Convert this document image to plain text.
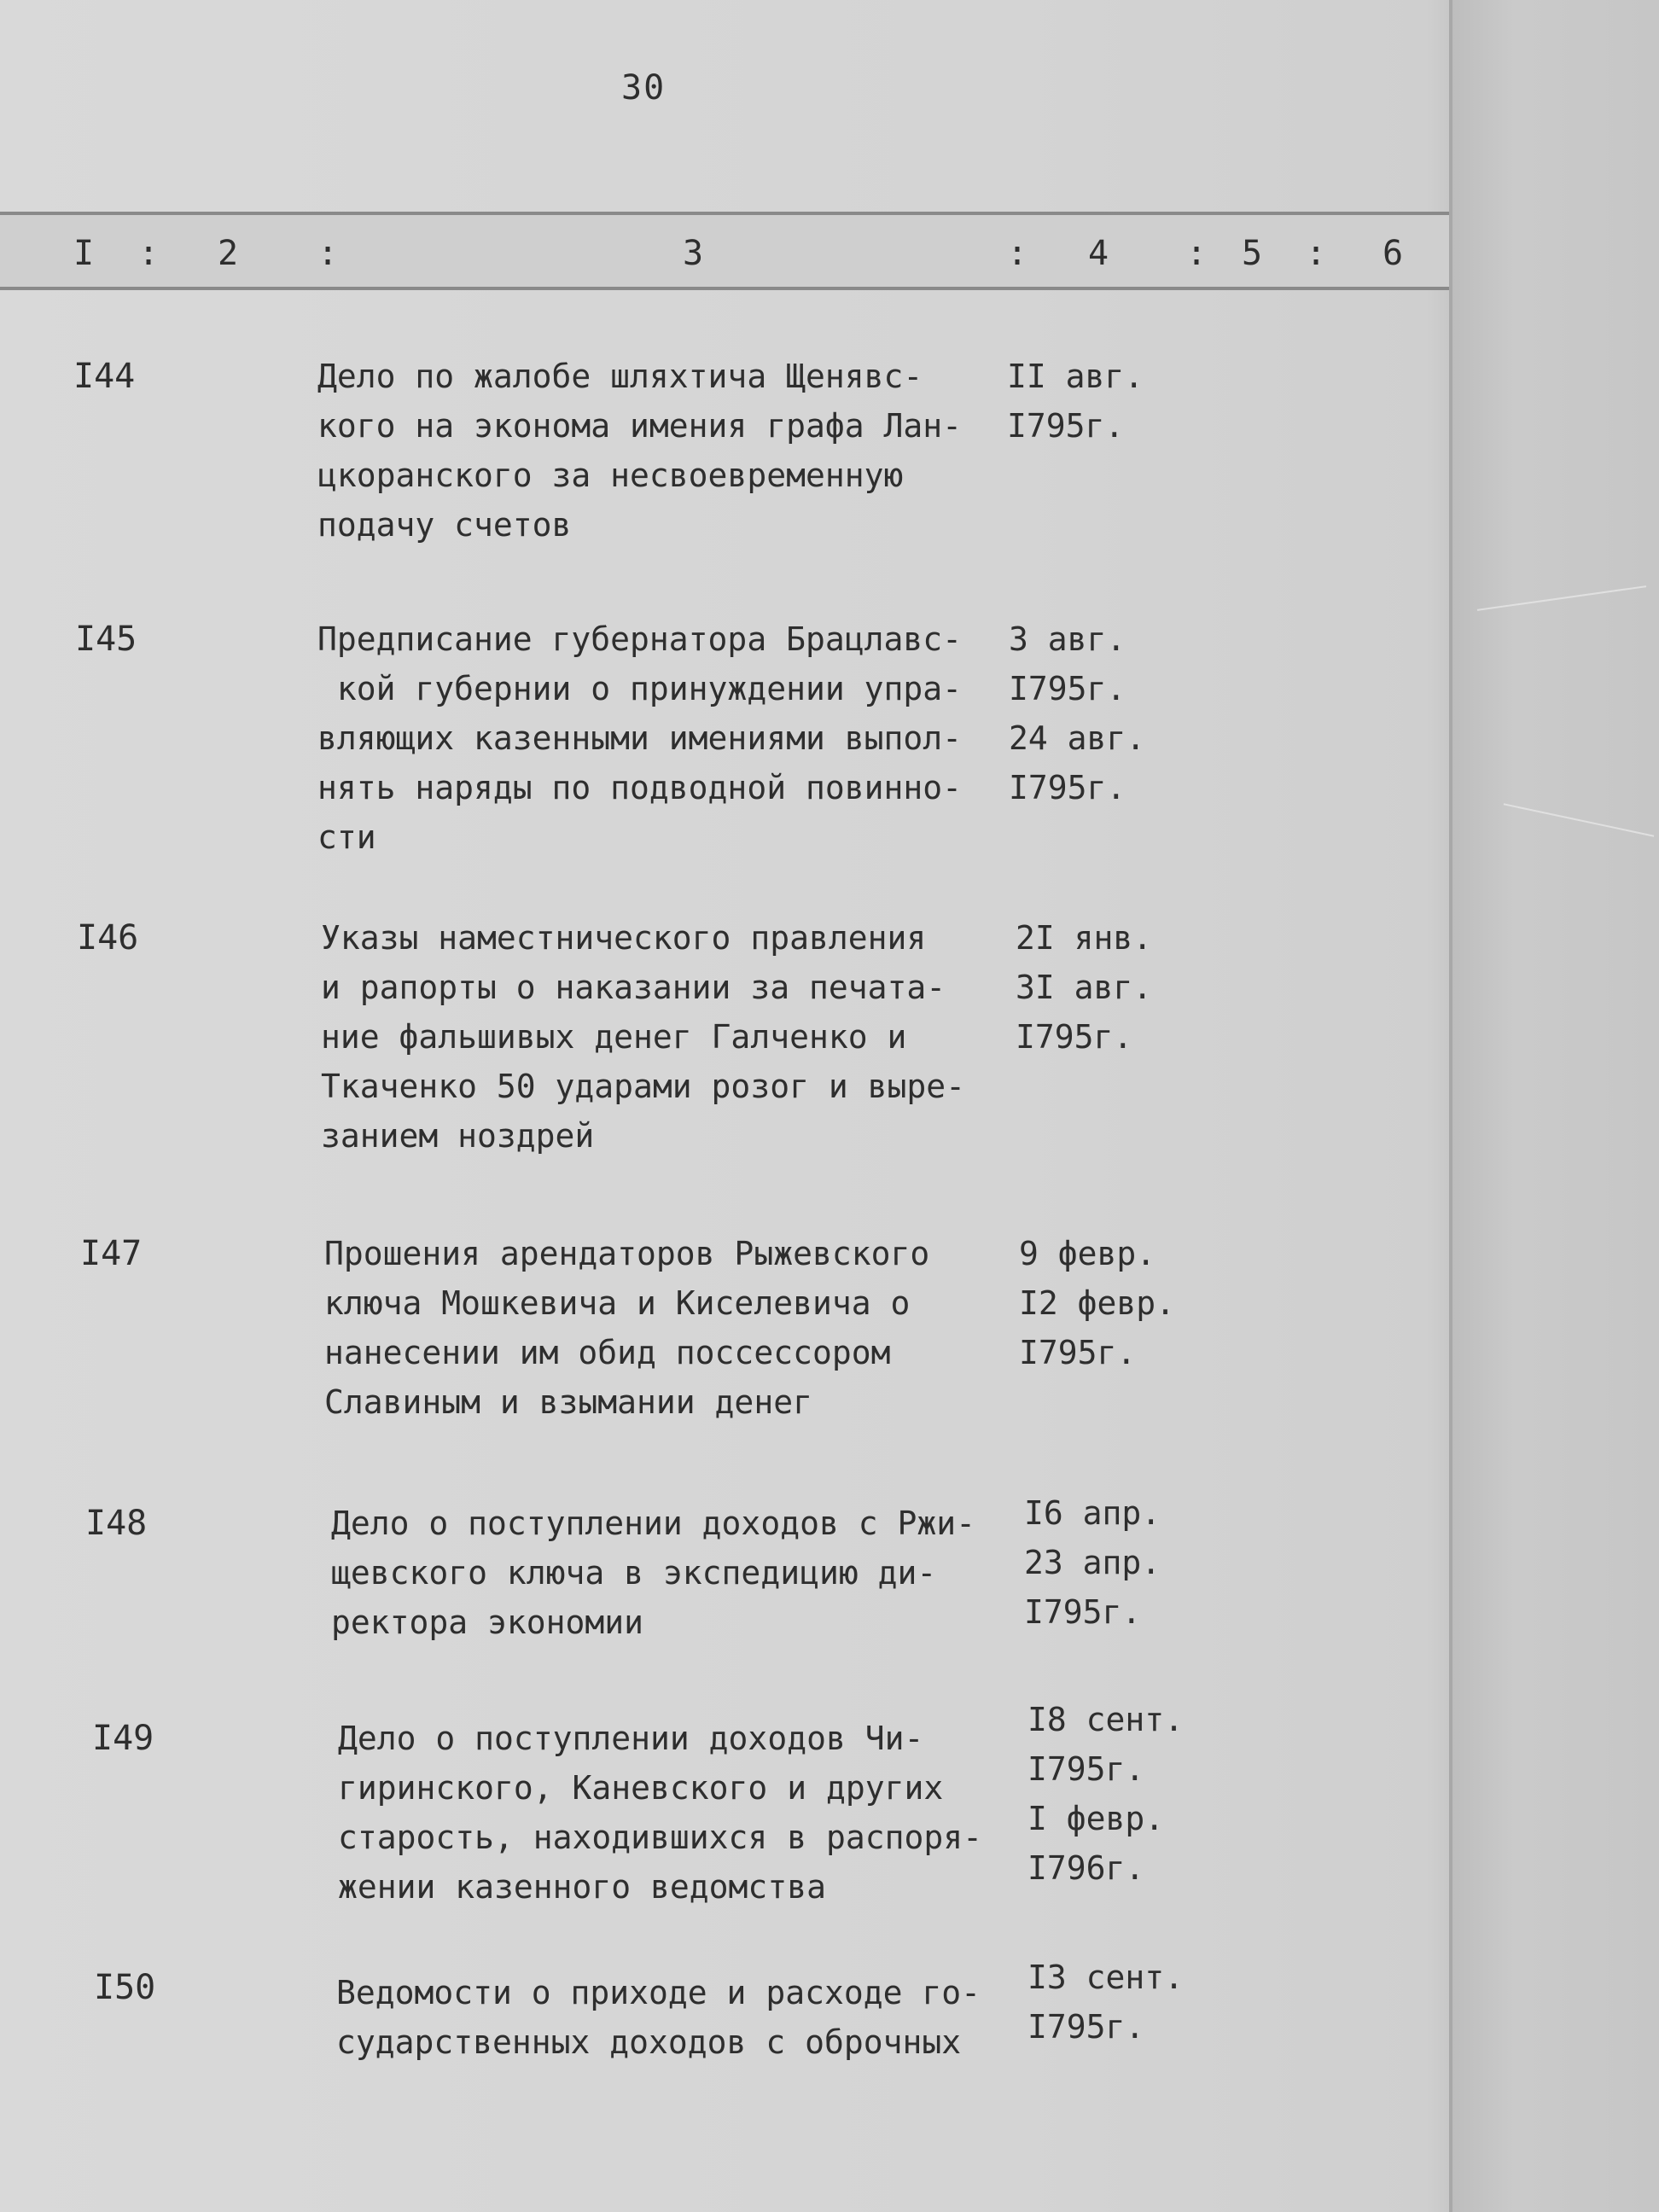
30
I : 2 :	3	: 4 : 5 : 6
I44	Дело по жалобе шляхтича Щенявс-
кого на эконома имения графа Лан-
цкоранского за несвоевременную
подачу счетов
II авг.
I795г.
I45	Предписание губернатора Брацлавс-
кой губернии о принуждении упра-
вляющих казенными имениями выпол-
нять наряды по подводной повинно-
сти
3 авг.
I795г.
24 авг.
I795г.
I46	Указы наместнического правления
и рапорты о наказании за печата-
ние фальшивых денег Галченко и
Ткаченко 50 ударами розог и выре-
занием ноздрей
2I янв.
3I авг.
I795г.
I47	Прошения арендаторов Рыжевского
ключа Мошкевича и Киселевича о
нанесении им обид поссессором
Славиным и взымании денег
9 февр.
I2 февр.
I795г.
I48	Дело о поступлении доходов с Ржи-
щевского ключа в экспедицию ди-
ректора экономии
I6 апр.
23 апр.
I795г.
I49	Дело о поступлении доходов Чи-
гиринского, Каневского и других
старость, находившихся в распоря-
жении казенного ведомства
I8 сент.
I795г.
I февр.
I796г.
I50	Ведомости о приходе и расходе го-
сударственных доходов с оброчных
I3 сент.
I795г.
